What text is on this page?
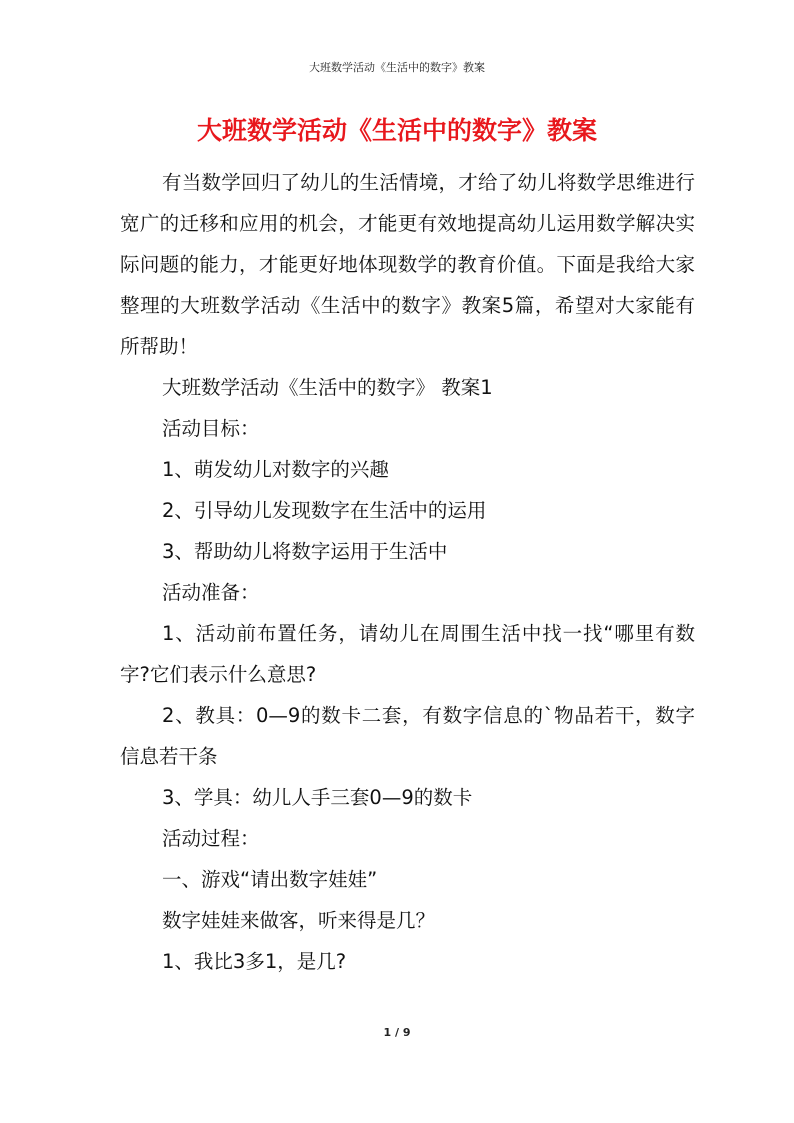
大班数学活动《生活中的数字》教案
大班数学活动《生活中的数字》教案

有当数学回归了幼儿的生活情境，才给了幼儿将数学思维进行宽广的迁移和应用的机会，才能更有效地提高幼儿运用数学解决实际问题的能力，才能更好地体现数学的教育价值。下面是我给大家整理的大班数学活动《生活中的数字》教案5篇，希望对大家能有所帮助！

大班数学活动《生活中的数字》 教案1

活动目标：

1、萌发幼儿对数字的兴趣

2、引导幼儿发现数字在生活中的运用

3、帮助幼儿将数字运用于生活中

活动准备：

1、活动前布置任务，请幼儿在周围生活中找一找“哪里有数字?它们表示什么意思?

2、教具：0—9的数卡二套，有数字信息的`物品若干，数字信息若干条

3、学具：幼儿人手三套0—9的数卡

活动过程：

一、游戏“请出数字娃娃”

数字娃娃来做客，听来得是几？

1、我比3多1，是几?

1 / 9
